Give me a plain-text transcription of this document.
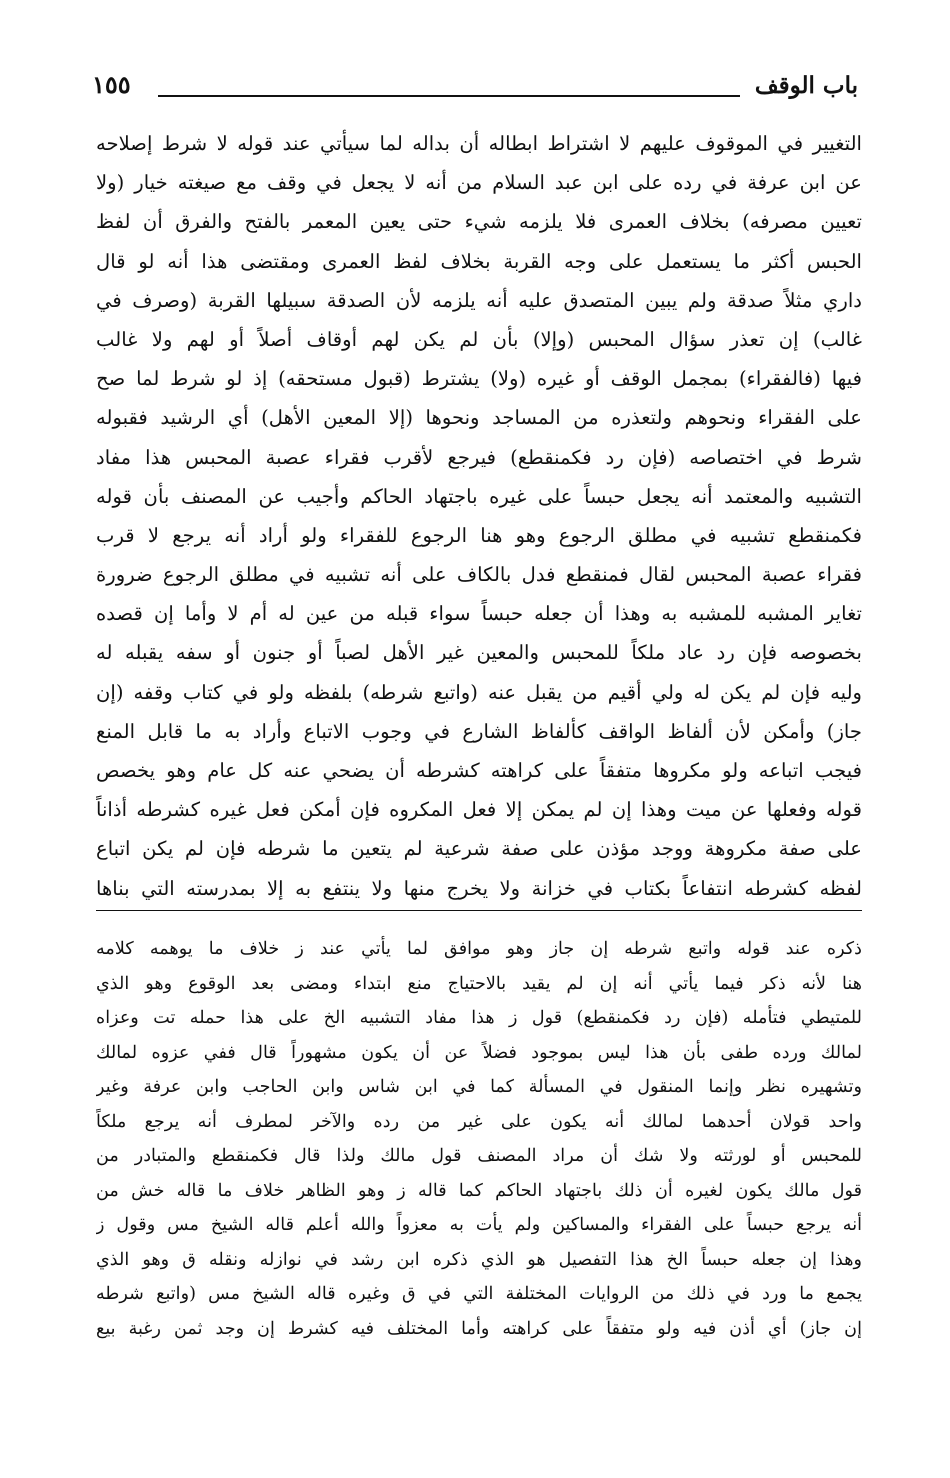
باب الوقف
١٥٥
التغيير في الموقوف عليهم لا اشتراط ابطاله أن بداله لما سيأتي عند قوله لا شرط إصلاحه
عن ابن عرفة في رده على ابن عبد السلام من أنه لا يجعل في وقف مع صيغته خيار (ولا
تعيين مصرفه) بخلاف العمرى فلا يلزمه شيء حتى يعين المعمر بالفتح والفرق أن لفظ
الحبس أكثر ما يستعمل على وجه القربة بخلاف لفظ العمرى ومقتضى هذا أنه لو قال
داري مثلاً صدقة ولم يبين المتصدق عليه أنه يلزمه لأن الصدقة سبيلها القربة (وصرف في
غالب) إن تعذر سؤال المحبس (وإلا) بأن لم يكن لهم أوقاف أصلاً أو لهم ولا غالب
فيها (فالفقراء) بمجمل الوقف أو غيره (ولا) يشترط (قبول مستحقه) إذ لو شرط لما صح
على الفقراء ونحوهم ولتعذره من المساجد ونحوها (إلا المعين الأهل) أي الرشيد فقبوله
شرط في اختصاصه (فإن رد فكمنقطع) فيرجع لأقرب فقراء عصبة المحبس هذا مفاد
التشبيه والمعتمد أنه يجعل حبساً على غيره باجتهاد الحاكم وأجيب عن المصنف بأن قوله
فكمنقطع تشبيه في مطلق الرجوع وهو هنا الرجوع للفقراء ولو أراد أنه يرجع لا قرب
فقراء عصبة المحبس لقال فمنقطع فدل بالكاف على أنه تشبيه في مطلق الرجوع ضرورة
تغاير المشبه للمشبه به وهذا أن جعله حبساً سواء قبله من عين له أم لا وأما إن قصده
بخصوصه فإن رد عاد ملكاً للمحبس والمعين غير الأهل لصباً أو جنون أو سفه يقبله له
وليه فإن لم يكن له ولي أقيم من يقبل عنه (واتبع شرطه) بلفظه ولو في كتاب وقفه (إن
جاز) وأمكن لأن ألفاظ الواقف كألفاظ الشارع في وجوب الاتباع وأراد به ما قابل المنع
فيجب اتباعه ولو مكروها متفقاً على كراهته كشرطه أن يضحي عنه كل عام وهو يخصص
قوله وفعلها عن ميت وهذا إن لم يمكن إلا فعل المكروه فإن أمكن فعل غيره كشرطه أذاناً
على صفة مكروهة ووجد مؤذن على صفة شرعية لم يتعين ما شرطه فإن لم يكن اتباع
لفظه كشرطه انتفاعاً بكتاب في خزانة ولا يخرج منها ولا ينتفع به إلا بمدرسته التي بناها
ذكره عند قوله واتبع شرطه إن جاز وهو موافق لما يأتي عند ز خلاف ما يوهمه كلامه
هنا لأنه ذكر فيما يأتي أنه إن لم يقيد بالاحتياج منع ابتداء ومضى بعد الوقوع وهو الذي
للمتيطي فتأمله (فإن رد فكمنقطع) قول ز هذا مفاد التشبيه الخ على هذا حمله تت وعزاه
لمالك ورده طفى بأن هذا ليس بموجود فضلاً عن أن يكون مشهوراً قال ففي عزوه لمالك
وتشهيره نظر وإنما المنقول في المسألة كما في ابن شاس وابن الحاجب وابن عرفة وغير
واحد قولان أحدهما لمالك أنه يكون على غير من رده والآخر لمطرف أنه يرجع ملكاً
للمحبس أو لورثته ولا شك أن مراد المصنف قول مالك ولذا قال فكمنقطع والمتبادر من
قول مالك يكون لغيره أن ذلك باجتهاد الحاكم كما قاله ز وهو الظاهر خلاف ما قاله خش من
أنه يرجع حبساً على الفقراء والمساكين ولم يأت به معزواً والله أعلم قاله الشيخ مس وقول ز
وهذا إن جعله حبساً الخ هذا التفصيل هو الذي ذكره ابن رشد في نوازله ونقله ق وهو الذي
يجمع ما ورد في ذلك من الروايات المختلفة التي في ق وغيره قاله الشيخ مس (واتبع شرطه
إن جاز) أي أذن فيه ولو متفقاً على كراهته وأما المختلف فيه كشرط إن وجد ثمن رغبة بيع
